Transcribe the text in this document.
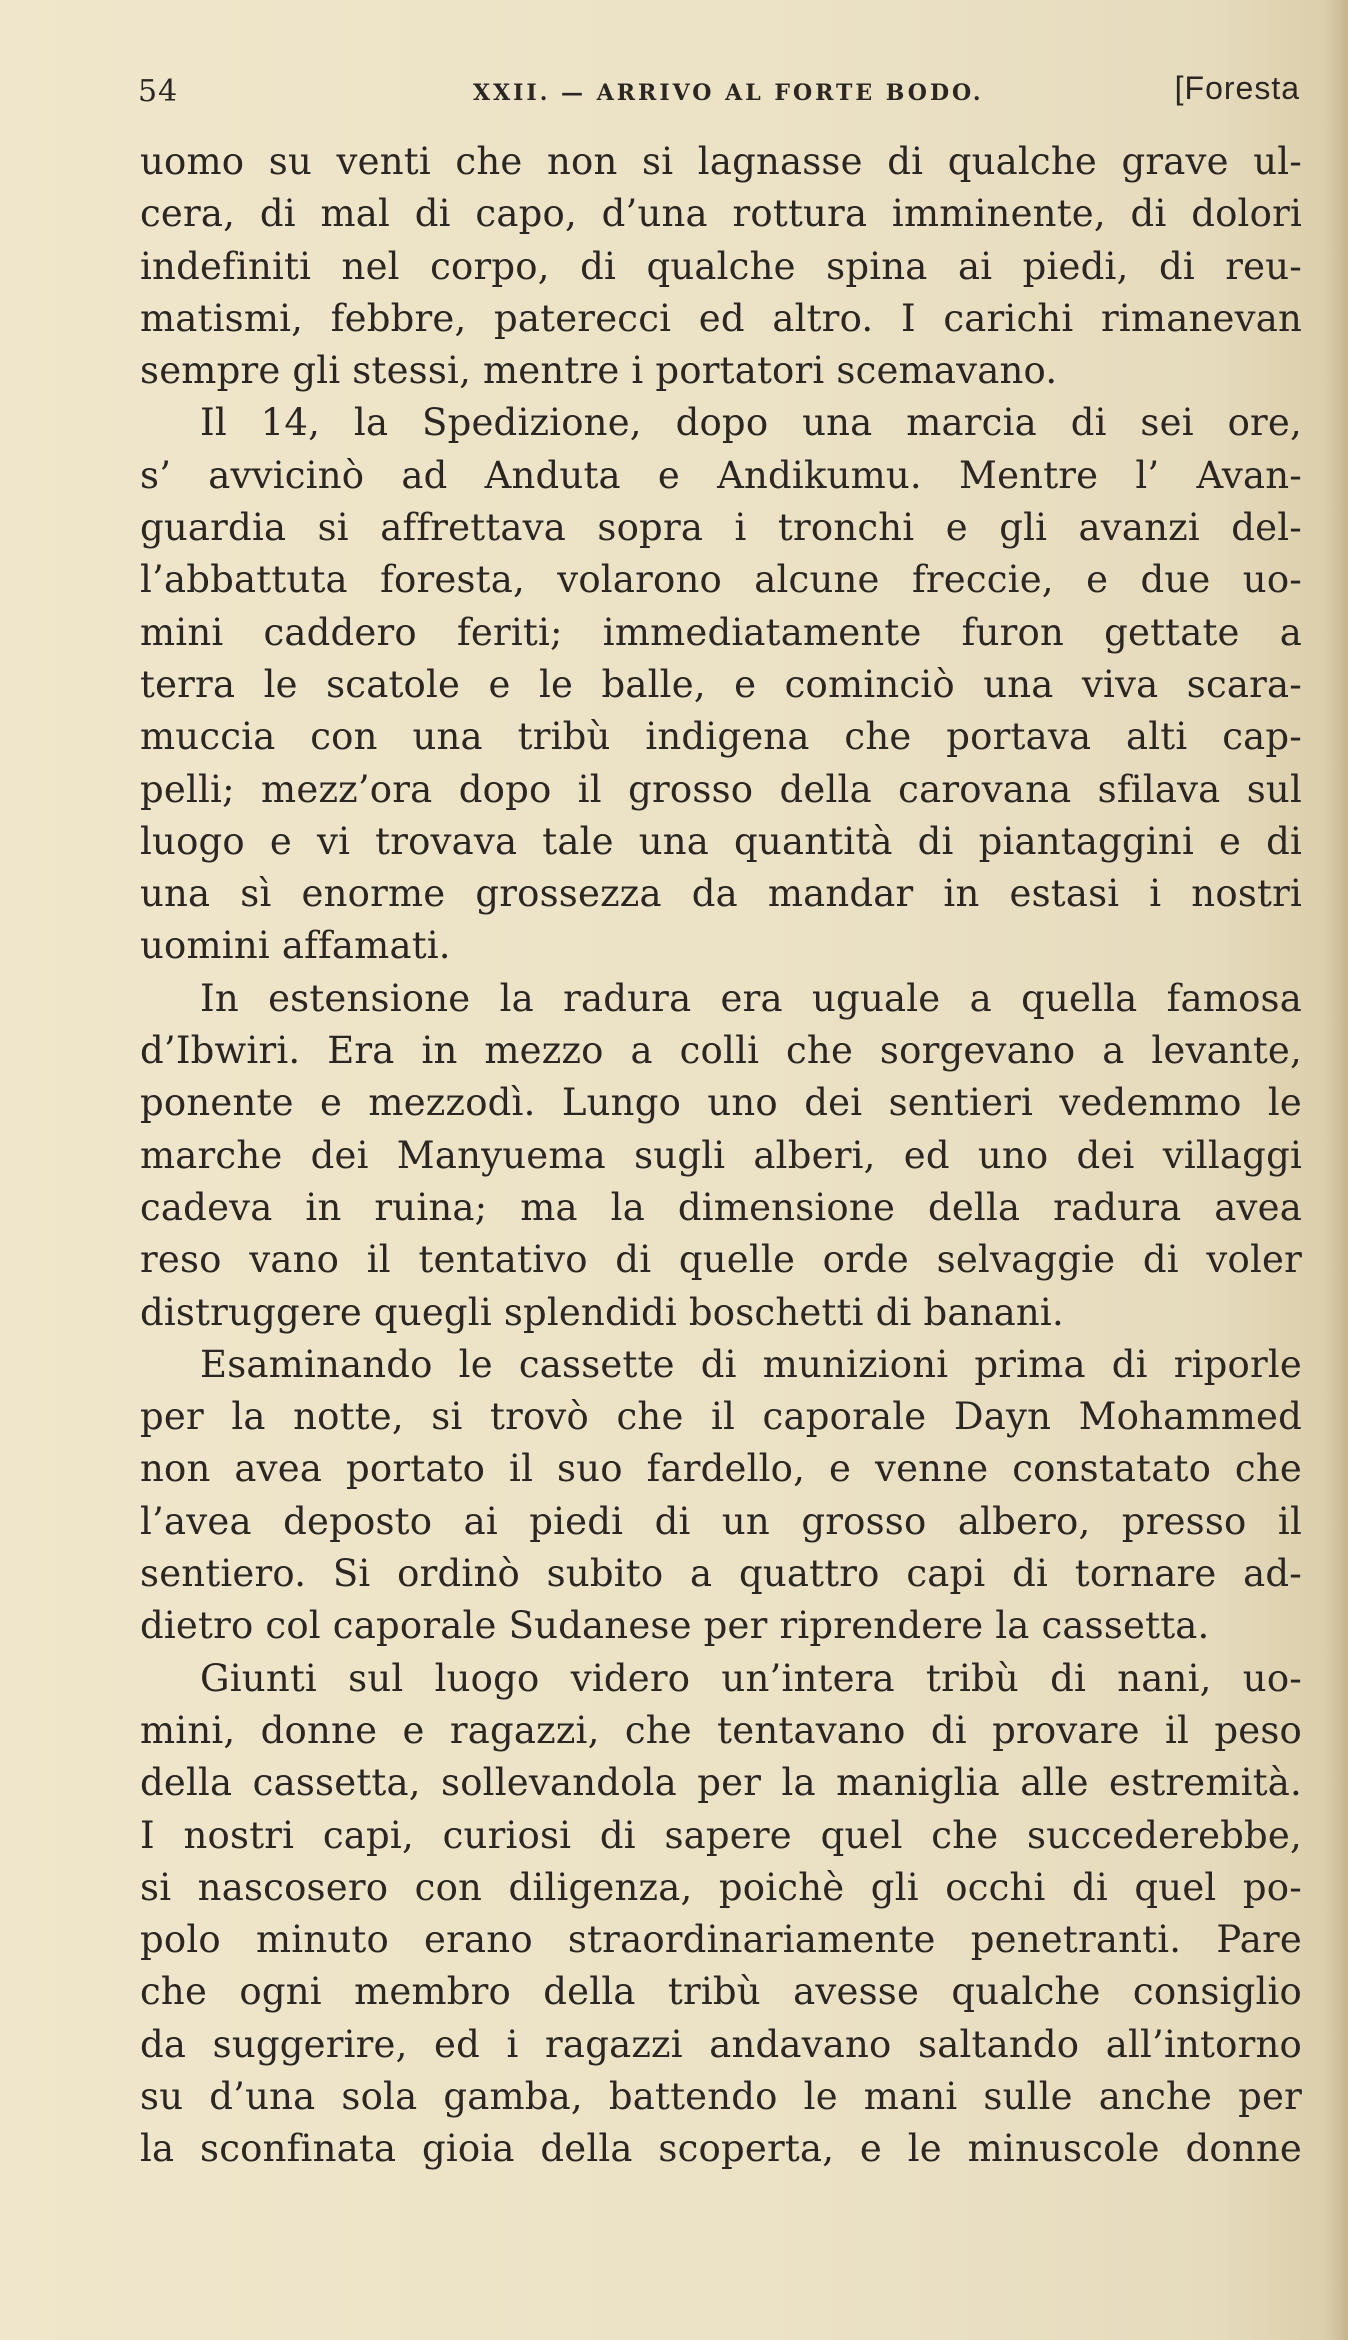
54	XXII. — ARRIVO AL FORTE BODO.	[Foresta
uomo su venti che non si lagnasse di qualche grave ul-
cera, di mal di capo, d’una rottura imminente, di dolori
indefiniti nel corpo, di qualche spina ai piedi, di reu-
matismi, febbre, paterecci ed altro. I carichi rimanevan
sempre gli stessi, mentre i portatori scemavano.
Il 14, la Spedizione, dopo una marcia di sei ore,
s’ avvicinò ad Anduta e Andikumu. Mentre l’ Avan-
guardia si affrettava sopra i tronchi e gli avanzi del-
l’abbattuta foresta, volarono alcune freccie, e due uo-
mini caddero feriti; immediatamente furon gettate a
terra le scatole e le balle, e cominciò una viva scara-
muccia con una tribù indigena che portava alti cap-
pelli; mezz’ora dopo il grosso della carovana sfilava sul
luogo e vi trovava tale una quantità di piantaggini e di
una sì enorme grossezza da mandar in estasi i nostri
uomini affamati.
In estensione la radura era uguale a quella famosa
d’Ibwiri. Era in mezzo a colli che sorgevano a levante,
ponente e mezzodì. Lungo uno dei sentieri vedemmo le
marche dei Manyuema sugli alberi, ed uno dei villaggi
cadeva in ruina; ma la dimensione della radura avea
reso vano il tentativo di quelle orde selvaggie di voler
distruggere quegli splendidi boschetti di banani.
Esaminando le cassette di munizioni prima di riporle
per la notte, si trovò che il caporale Dayn Mohammed
non avea portato il suo fardello, e venne constatato che
l’avea deposto ai piedi di un grosso albero, presso il
sentiero. Si ordinò subito a quattro capi di tornare ad-
dietro col caporale Sudanese per riprendere la cassetta.
Giunti sul luogo videro un’intera tribù di nani, uo-
mini, donne e ragazzi, che tentavano di provare il peso
della cassetta, sollevandola per la maniglia alle estremità.
I nostri capi, curiosi di sapere quel che succederebbe,
si nascosero con diligenza, poichè gli occhi di quel po-
polo minuto erano straordinariamente penetranti. Pare
che ogni membro della tribù avesse qualche consiglio
da suggerire, ed i ragazzi andavano saltando all’intorno
su d’una sola gamba, battendo le mani sulle anche per
la sconfinata gioia della scoperta, e le minuscole donne
